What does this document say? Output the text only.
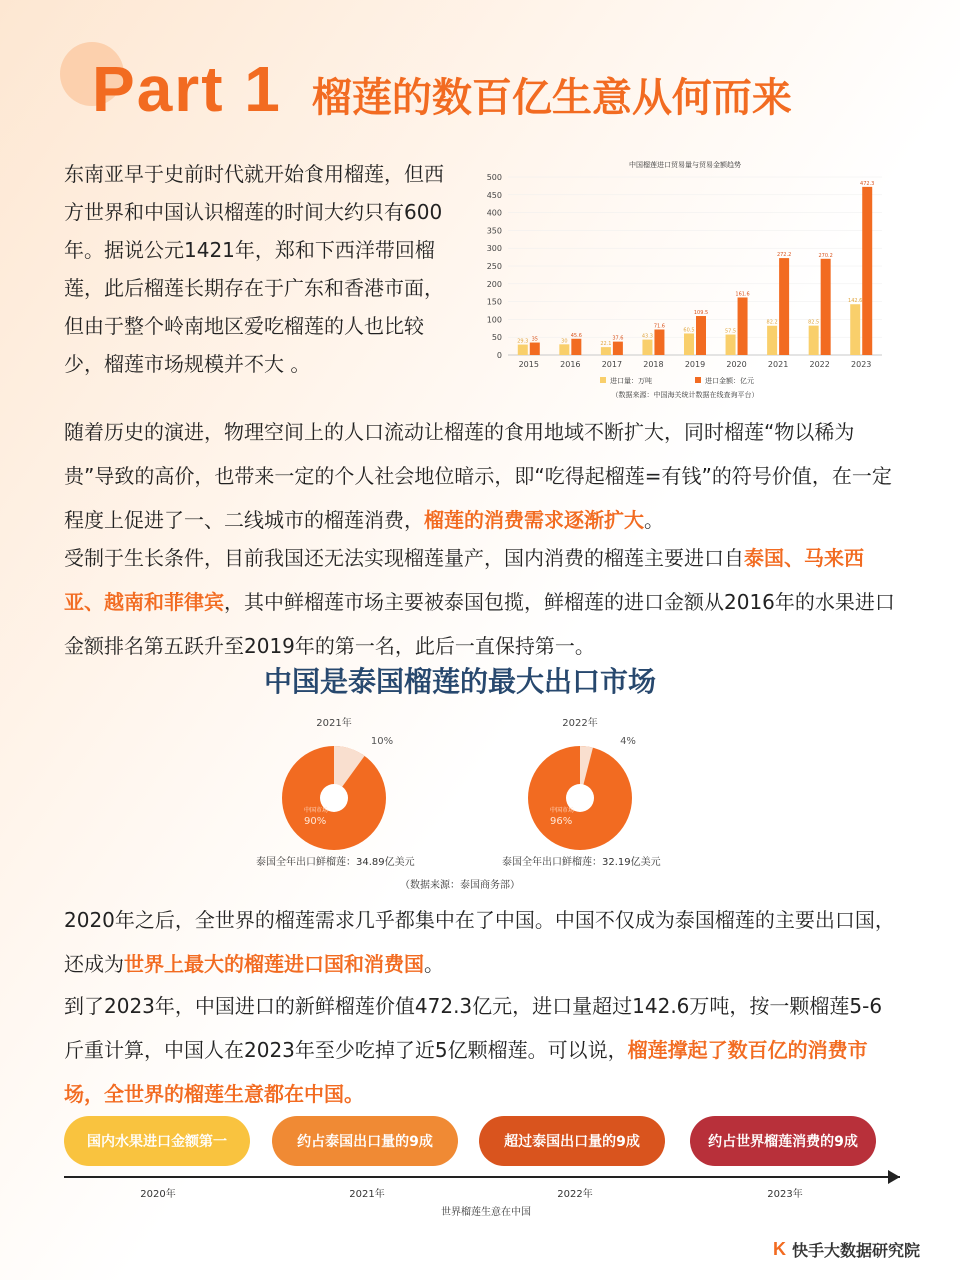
Part 1 榴莲的数百亿生意从何而来
东南亚早于史前时代就开始食用榴莲，但西方世界和中国认识榴莲的时间大约只有600年。据说公元1421年，郑和下西洋带回榴莲，此后榴莲长期存在于广东和香港市面，但由于整个岭南地区爱吃榴莲的人也比较少，榴莲市场规模并不大 。
中国榴莲进口贸易量与贸易金额趋势
0
50
100
150
200
250
300
350
400
450
500
29.3 35
2015
30
45.6
2016
22.1
37.6
2017
43.3
71.6
2018
60.5
109.5
2019
57.5
161.6
2020
82.2
272.2
2021
82.5
270.2
2022
142.6
472.3
2023
进口量：万吨	进口金额：亿元
（数据来源：中国海关统计数据在线查询平台）
随着历史的演进，物理空间上的人口流动让榴莲的食用地域不断扩大，同时榴莲“物以稀为贵”导致的高价，也带来一定的个人社会地位暗示，即“吃得起榴莲=有钱”的符号价值，在一定程度上促进了一、二线城市的榴莲消费，榴莲的消费需求逐渐扩大。
受制于生长条件，目前我国还无法实现榴莲量产，国内消费的榴莲主要进口自泰国、马来西亚、越南和菲律宾，其中鲜榴莲市场主要被泰国包揽，鲜榴莲的进口金额从2016年的水果进口金额排名第五跃升至2019年的第一名，此后一直保持第一。
中国是泰国榴莲的最大出口市场
2021年
10%
中国市场
90%
泰国全年出口鲜榴莲：34.89亿美元
2022年
4%
中国市场
96%
泰国全年出口鲜榴莲：32.19亿美元
（数据来源：泰国商务部）
2020年之后，全世界的榴莲需求几乎都集中在了中国。中国不仅成为泰国榴莲的主要出口国，还成为世界上最大的榴莲进口国和消费国。
到了2023年，中国进口的新鲜榴莲价值472.3亿元，进口量超过142.6万吨，按一颗榴莲5-6斤重计算，中国人在2023年至少吃掉了近5亿颗榴莲。可以说，榴莲撑起了数百亿的消费市场，全世界的榴莲生意都在中国。
国内水果进口金额第一	约占泰国出口量的9成	超过泰国出口量的9成	约占世界榴莲消费的9成
2020年	2021年	2022年	2023年
世界榴莲生意在中国
K 快手大数据研究院
